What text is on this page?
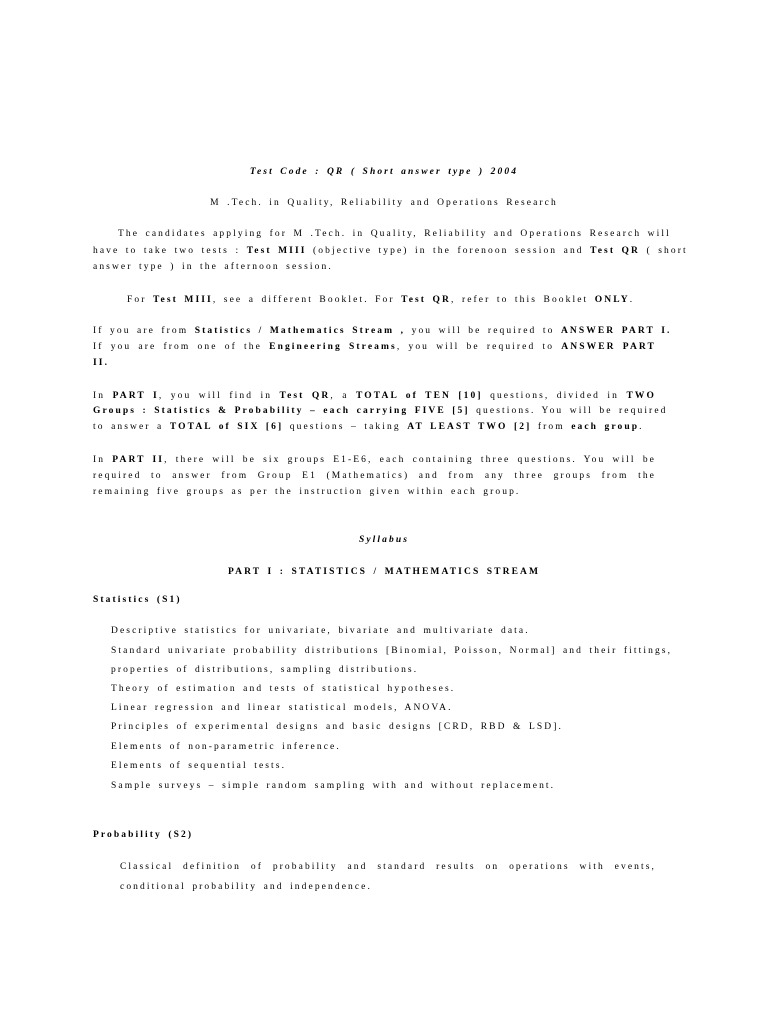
Test Code : QR ( Short answer type ) 2004

M .Tech. in Quality, Reliability and Operations Research

The candidates applying for M .Tech. in Quality, Reliability and Operations Research will

have to take two tests : Test MIII (objective type) in the forenoon session and Test QR ( short

answer type ) in the afternoon session.

For Test MIII, see a different Booklet. For Test QR, refer to this Booklet ONLY.

If you are from Statistics / Mathematics Stream , you will be required to ANSWER PART I.

If you are from one of the Engineering Streams, you will be required to ANSWER PART

II.

In PART I, you will find in Test QR, a TOTAL of TEN [10] questions, divided in TWO

Groups : Statistics & Probability – each carrying FIVE [5] questions. You will be required

to answer a TOTAL of SIX [6] questions – taking AT LEAST TWO [2] from each group.

In PART II, there will be six groups E1-E6, each containing three questions. You will be

required to answer from Group E1 (Mathematics) and from any three groups from the

remaining five groups as per the instruction given within each group.

Syllabus

PART I : STATISTICS / MATHEMATICS STREAM

Statistics (S1)

Descriptive statistics for univariate, bivariate and multivariate data.

Standard univariate probability distributions [Binomial, Poisson, Normal] and their fittings,

properties of distributions, sampling distributions.

Theory of estimation and tests of statistical hypotheses.

Linear regression and linear statistical models, ANOVA.

Principles of experimental designs and basic designs [CRD, RBD & LSD].

Elements of non-parametric inference.

Elements of sequential tests.

Sample surveys – simple random sampling with and without replacement.

Probability (S2)

Classical definition of probability and standard results on operations with events,

conditional probability and independence.
